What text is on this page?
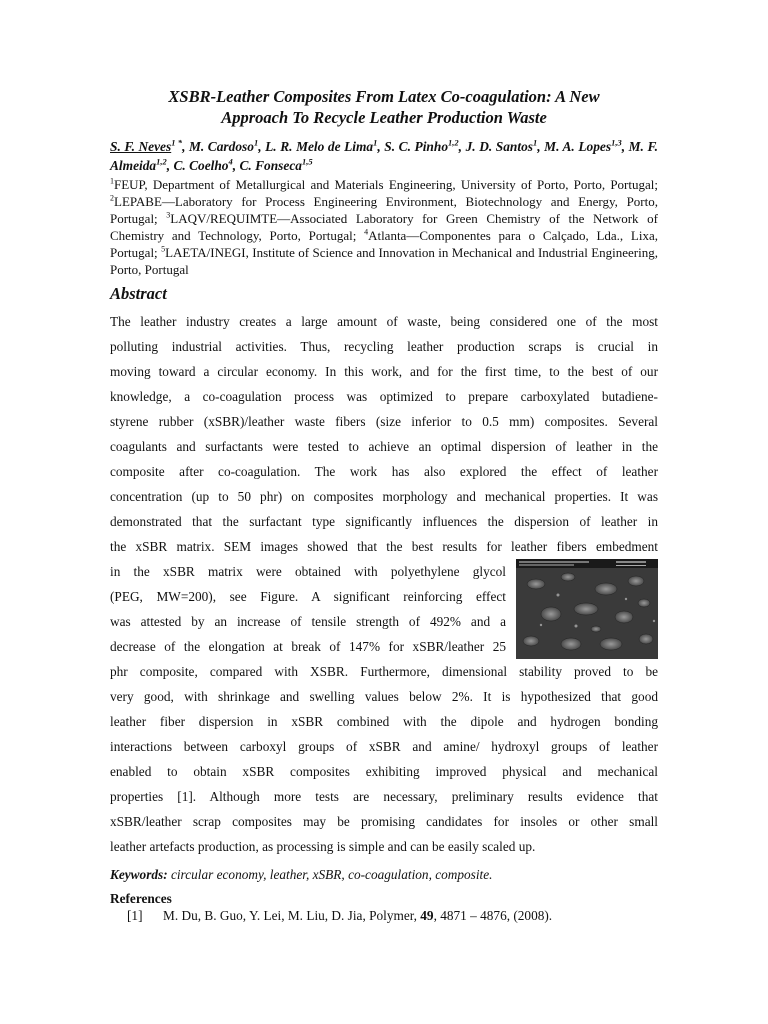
XSBR-Leather Composites From Latex Co-coagulation: A New
Approach To Recycle Leather Production Waste
S. F. Neves$^{1 *}$, M. Cardoso$^1$, L. R. Melo de Lima$^1$, S. C. Pinho$^{1,2}$, J. D. Santos$^1$, M. A. Lopes$^{1,3}$, M. F. Almeida$^{1,2}$, C. Coelho$^4$, C. Fonseca$^{1,5}$
$^1$FEUP, Department of Metallurgical and Materials Engineering, University of Porto, Porto, Portugal; $^2$LEPABE—Laboratory for Process Engineering Environment, Biotechnology and Energy, Porto, Portugal; $^3$LAQV/REQUIMTE—Associated Laboratory for Green Chemistry of the Network of Chemistry and Technology, Porto, Portugal; $^4$Atlanta—Componentes para o Calçado, Lda., Lixa, Portugal; $^5$LAETA/INEGI, Institute of Science and Innovation in Mechanical and Industrial Engineering, Porto, Portugal
Abstract
The leather industry creates a large amount of waste, being considered one of the most
polluting industrial activities. Thus, recycling leather production scraps is crucial in
moving toward a circular economy. In this work, and for the first time, to the best of our
knowledge, a co-coagulation process was optimized to prepare carboxylated butadiene-
styrene rubber (xSBR)/leather waste fibers (size inferior to 0.5 mm) composites. Several
coagulants and surfactants were tested to achieve an optimal dispersion of leather in the
composite after co-coagulation. The work has also explored the effect of leather
concentration (up to 50 phr) on composites morphology and mechanical properties. It was
demonstrated that the surfactant type significantly influences the dispersion of leather in
the xSBR matrix. SEM images showed that the best results for leather fibers embedment
in the xSBR matrix were obtained with polyethylene glycol
(PEG, MW=200), see Figure. A significant reinforcing effect
was attested by an increase of tensile strength of 492% and a
decrease of the elongation at break of 147% for xSBR/leather 25
phr composite, compared with XSBR. Furthermore, dimensional stability proved to be
very good, with shrinkage and swelling values below 2%. It is hypothesized that good
leather fiber dispersion in xSBR combined with the dipole and hydrogen bonding
interactions between carboxyl groups of xSBR and amine/ hydroxyl groups of leather
enabled to obtain xSBR composites exhibiting improved physical and mechanical
properties [1]. Although more tests are necessary, preliminary results evidence that
xSBR/leather scrap composites may be promising candidates for insoles or other small
leather artefacts production, as processing is simple and can be easily scaled up.
Keywords: circular economy, leather, xSBR, co-coagulation, composite.
References
[1] M. Du, B. Guo, Y. Lei, M. Liu, D. Jia, Polymer, 49, 4871 – 4876, (2008).
